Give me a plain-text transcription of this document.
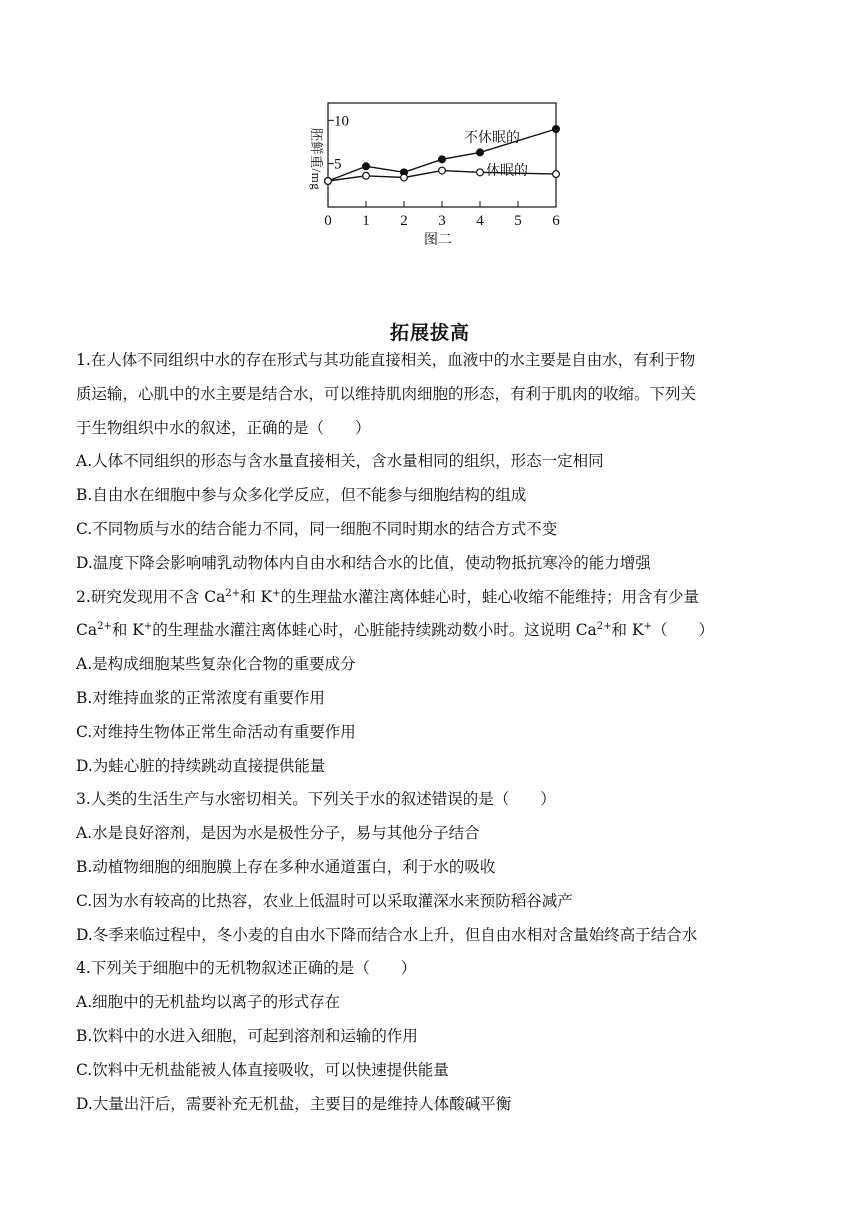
5
10
0 1 2 3 4 5 6
胚鲜重/mg	不休眠的
休眠的
图二
拓展拔高
1.在人体不同组织中水的存在形式与其功能直接相关，血液中的水主要是自由水，有利于物
质运输，心肌中的水主要是结合水，可以维持肌肉细胞的形态，有利于肌肉的收缩。下列关
于生物组织中水的叙述，正确的是（　　）
A.人体不同组织的形态与含水量直接相关，含水量相同的组织，形态一定相同
B.自由水在细胞中参与众多化学反应，但不能参与细胞结构的组成
C.不同物质与水的结合能力不同，同一细胞不同时期水的结合方式不变
D.温度下降会影响哺乳动物体内自由水和结合水的比值，使动物抵抗寒冷的能力增强
2.研究发现用不含 $Ca^{2+}$和 K+的生理盐水灌注离体蛙心时，蛙心收缩不能维持；用含有少量
$Ca^{2+}$和 K+的生理盐水灌注离体蛙心时，心脏能持续跳动数小时。这说明 $Ca^{2+}$和 K+（　　）
A.是构成细胞某些复杂化合物的重要成分
B.对维持血浆的正常浓度有重要作用
C.对维持生物体正常生命活动有重要作用
D.为蛙心脏的持续跳动直接提供能量
3.人类的生活生产与水密切相关。下列关于水的叙述错误的是（　　）
A.水是良好溶剂，是因为水是极性分子，易与其他分子结合
B.动植物细胞的细胞膜上存在多种水通道蛋白，利于水的吸收
C.因为水有较高的比热容，农业上低温时可以采取灌深水来预防稻谷减产
D.冬季来临过程中，冬小麦的自由水下降而结合水上升，但自由水相对含量始终高于结合水
4.下列关于细胞中的无机物叙述正确的是（　　）
A.细胞中的无机盐均以离子的形式存在
B.饮料中的水进入细胞，可起到溶剂和运输的作用
C.饮料中无机盐能被人体直接吸收，可以快速提供能量
D.大量出汗后，需要补充无机盐，主要目的是维持人体酸碱平衡
